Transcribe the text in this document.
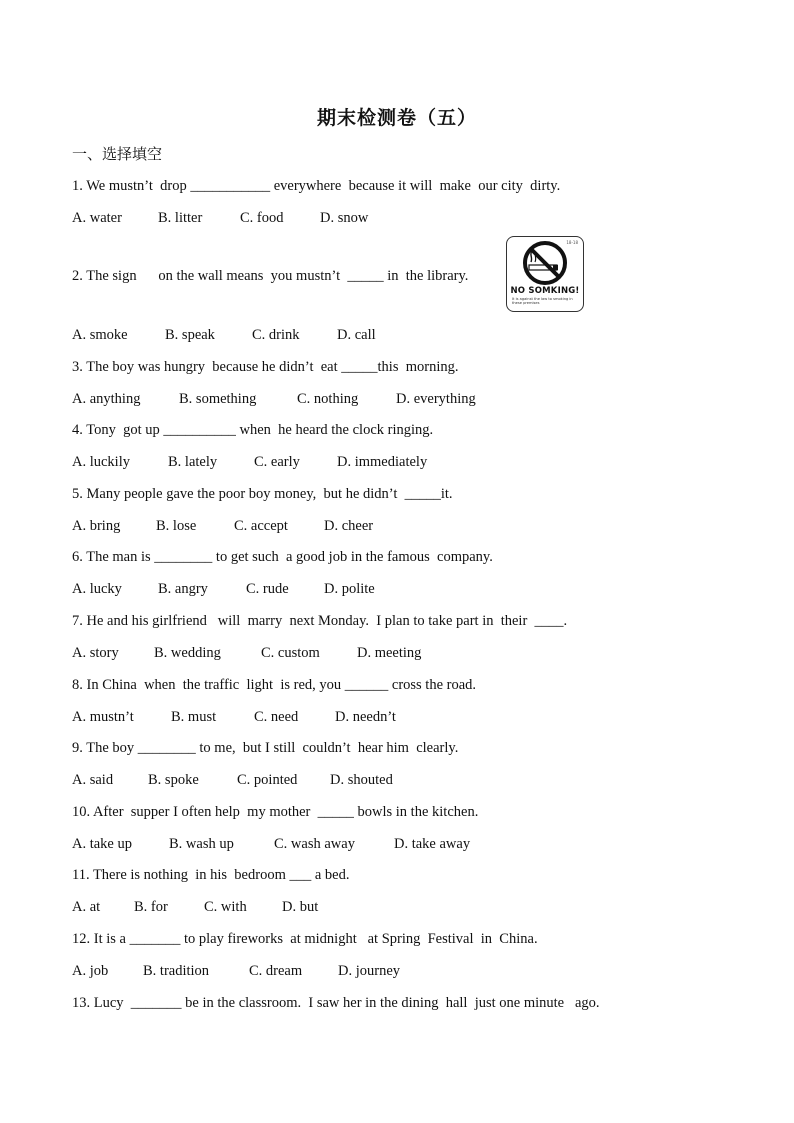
期末检测卷（五）
一、选择填空
1. We mustn’t  drop ___________ everywhere  because it will  make  our city  dirty.
A. water B. litter	C. food	D. snow
2. The sign      on the wall means  you mustn’t  _____ in  the library.
A. smoke	B. speak	C. drink	D. call
3. The boy was hungry  because he didn’t  eat _____this  morning.
A. anything	B. something	C. nothing	D. everything
4. Tony  got up __________ when  he heard the clock ringing.
A. luckily	B. lately	C. early	D. immediately
5. Many people gave the poor boy money,  but he didn’t  _____it.
A. bring B. lose	C. accept D. cheer
6. The man is ________ to get such  a good job in the famous  company.
A. lucky B. angry	C. rude D. polite
7. He and his girlfriend   will  marry  next Monday.  I plan to take part in  their  ____.
A. story B. wedding	C. custom	D. meeting
8. In China  when  the traffic  light  is red, you ______ cross the road.
A. mustn’t	B. must	C. need	D. needn’t
9. The boy ________ to me,  but I still  couldn’t  hear him  clearly.
A. said B. spoke	C. pointed D. shouted
10. After  supper I often help  my mother  _____ bowls in the kitchen.
A. take up	B. wash up	C. wash away	D. take away
11. There is nothing  in his  bedroom ___ a bed.
A. at B. for C. with D. but
12. It is a _______ to play fireworks  at midnight   at Spring  Festival  in  China.
A. job B. tradition	C. dream D. journey
13. Lucy  _______ be in the classroom.  I saw her in the dining  hall  just one minute   ago.
18-18
NO SOMKING!
It is against the law to smoking in these premises
